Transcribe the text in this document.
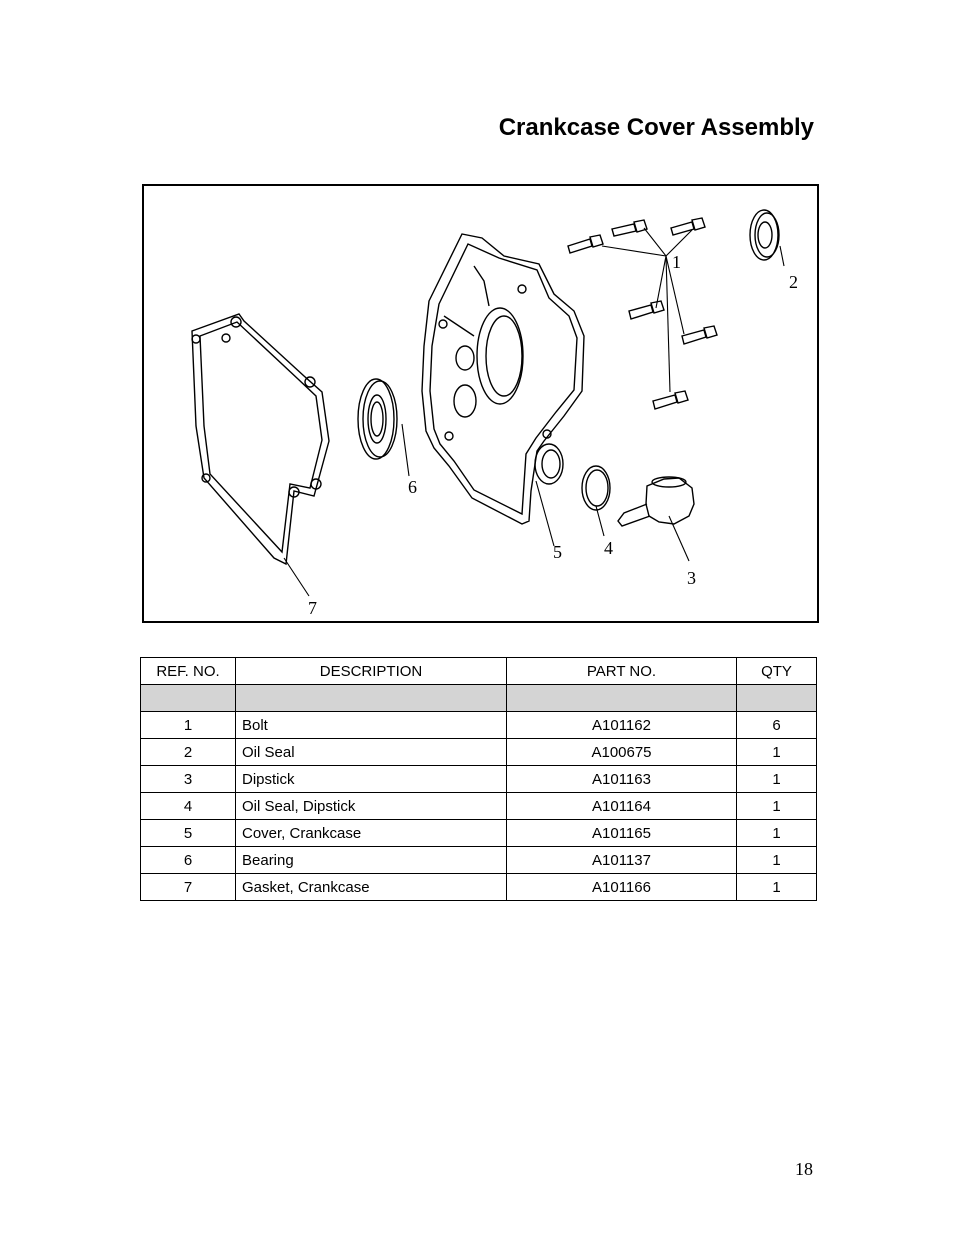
Crankcase Cover Assembly
1
2
3
4
5
6
7
REF. NO.	DESCRIPTION	PART NO.	QTY

1	Bolt	A101162	6
2	Oil Seal	A100675	1
3	Dipstick	A101163	1
4	Oil Seal, Dipstick	A101164	1
5	Cover, Crankcase	A101165	1
6	Bearing	A101137	1
7	Gasket, Crankcase	A101166	1
18
